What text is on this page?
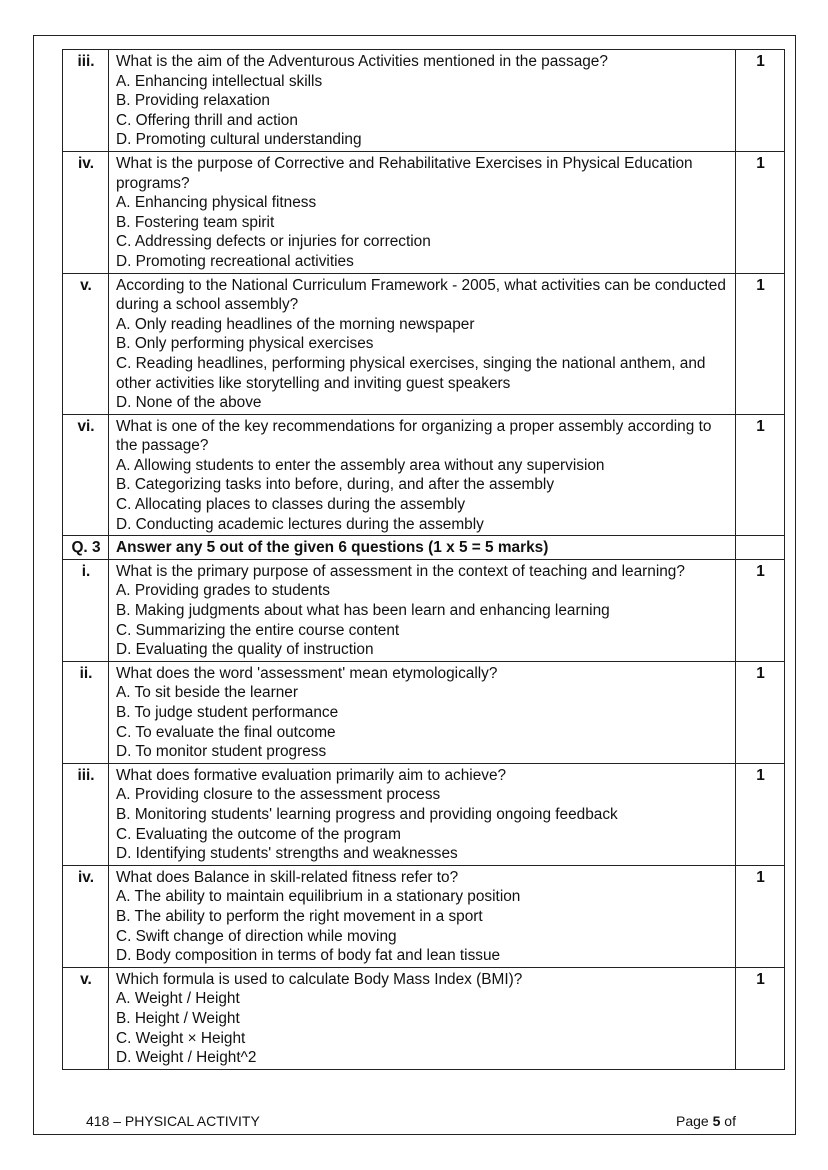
iii.	What is the aim of the Adventurous Activities mentioned in the passage?
A. Enhancing intellectual skills
B. Providing relaxation
C. Offering thrill and action
D. Promoting cultural understanding	1
iv.	What is the purpose of Corrective and Rehabilitative Exercises in Physical Education programs?
A. Enhancing physical fitness
B. Fostering team spirit
C. Addressing defects or injuries for correction
D. Promoting recreational activities	1
v.	According to the National Curriculum Framework - 2005, what activities can be conducted during a school assembly?
A. Only reading headlines of the morning newspaper
B. Only performing physical exercises
C. Reading headlines, performing physical exercises, singing the national anthem, and other activities like storytelling and inviting guest speakers
D. None of the above	1
vi.	What is one of the key recommendations for organizing a proper assembly according to the passage?
A. Allowing students to enter the assembly area without any supervision
B. Categorizing tasks into before, during, and after the assembly
C. Allocating places to classes during the assembly
D. Conducting academic lectures during the assembly	1
Q. 3	Answer any 5 out of the given 6 questions (1 x 5 = 5 marks)	
i.	What is the primary purpose of assessment in the context of teaching and learning?
A. Providing grades to students
B. Making judgments about what has been learn and enhancing learning
C. Summarizing the entire course content
D. Evaluating the quality of instruction	1
ii.	What does the word 'assessment' mean etymologically?
A. To sit beside the learner
B. To judge student performance
C. To evaluate the final outcome
D. To monitor student progress	1
iii.	What does formative evaluation primarily aim to achieve?
A. Providing closure to the assessment process
B. Monitoring students' learning progress and providing ongoing feedback
C. Evaluating the outcome of the program
D. Identifying students' strengths and weaknesses	1
iv.	What does Balance in skill-related fitness refer to?
A. The ability to maintain equilibrium in a stationary position
B. The ability to perform the right movement in a sport
C. Swift change of direction while moving
D. Body composition in terms of body fat and lean tissue	1
v.	Which formula is used to calculate Body Mass Index (BMI)?
A. Weight / Height
B. Height / Weight
C. Weight × Height
D. Weight / Height^2	1
418 – PHYSICAL ACTIVITY	Page 5 of
